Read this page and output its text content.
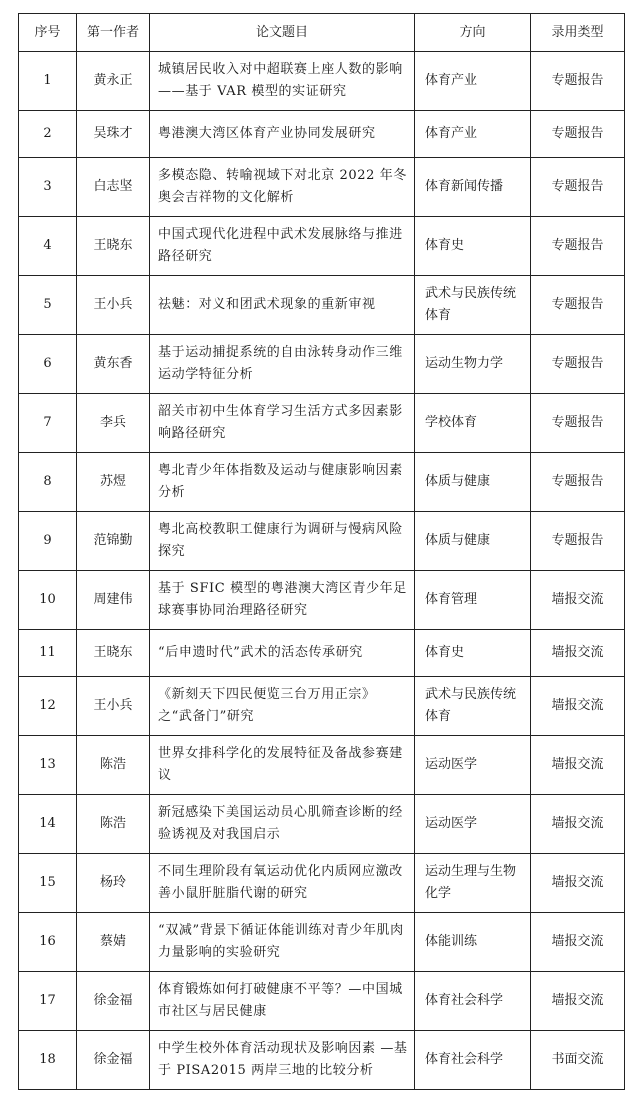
序号	第一作者	论文题目	方向	录用类型
1	黄永正	城镇居民收入对中超联赛上座人数的影响——基于 VAR 模型的实证研究	体育产业	专题报告
2	吴珠才	粤港澳大湾区体育产业协同发展研究	体育产业	专题报告
3	白志坚	多模态隐、转喻视域下对北京 2022 年冬奥会吉祥物的文化解析	体育新闻传播	专题报告
4	王晓东	中国式现代化进程中武术发展脉络与推进路径研究	体育史	专题报告
5	王小兵	祛魅：对义和团武术现象的重新审视	武术与民族传统体育	专题报告
6	黄东香	基于运动捕捉系统的自由泳转身动作三维运动学特征分析	运动生物力学	专题报告
7	李兵	韶关市初中生体育学习生活方式多因素影响路径研究	学校体育	专题报告
8	苏煜	粤北青少年体指数及运动与健康影响因素分析	体质与健康	专题报告
9	范锦勤	粤北高校教职工健康行为调研与慢病风险探究	体质与健康	专题报告
10	周建伟	基于 SFIC 模型的粤港澳大湾区青少年足球赛事协同治理路径研究	体育管理	墙报交流
11	王晓东	“后申遗时代”武术的活态传承研究	体育史	墙报交流
12	王小兵	《新刻天下四民便览三台万用正宗》之“武备门”研究	武术与民族传统体育	墙报交流
13	陈浩	世界女排科学化的发展特征及备战参赛建议	运动医学	墙报交流
14	陈浩	新冠感染下美国运动员心肌筛查诊断的经验诱视及对我国启示	运动医学	墙报交流
15	杨玲	不同生理阶段有氧运动优化内质网应激改善小鼠肝脏脂代谢的研究	运动生理与生物化学	墙报交流
16	蔡婧	“双减”背景下循证体能训练对青少年肌肉力量影响的实验研究	体能训练	墙报交流
17	徐金福	体育锻炼如何打破健康不平等？—中国城市社区与居民健康	体育社会科学	墙报交流
18	徐金福	中学生校外体育活动现状及影响因素 —基于 PISA2015 两岸三地的比较分析	体育社会科学	书面交流
